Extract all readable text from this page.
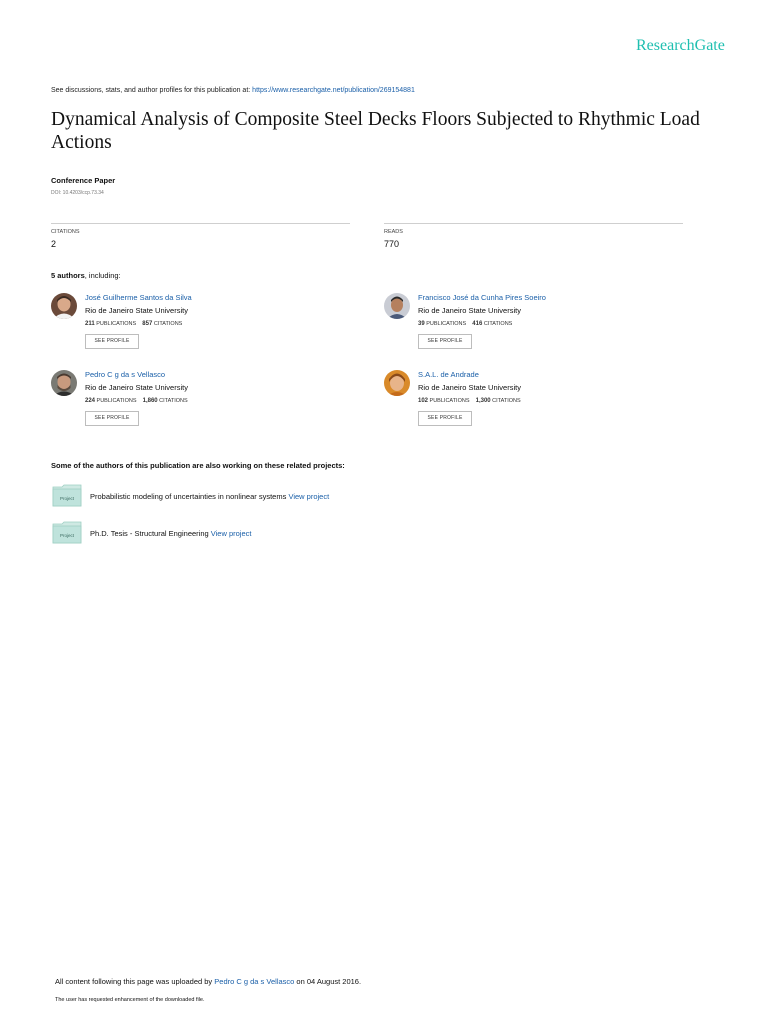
ResearchGate
See discussions, stats, and author profiles for this publication at: https://www.researchgate.net/publication/269154881
Dynamical Analysis of Composite Steel Decks Floors Subjected to Rhythmic Load Actions
Conference Paper
DOI: 10.4203/ccp.73.34
CITATIONS
2
READS
770
5 authors, including:
José Guilherme Santos da Silva
Rio de Janeiro State University
211 PUBLICATIONS 857 CITATIONS
SEE PROFILE
Francisco José da Cunha Pires Soeiro
Rio de Janeiro State University
39 PUBLICATIONS 416 CITATIONS
SEE PROFILE
Pedro C g da s Vellasco
Rio de Janeiro State University
224 PUBLICATIONS 1,860 CITATIONS
SEE PROFILE
S.A.L. de Andrade
Rio de Janeiro State University
102 PUBLICATIONS 1,300 CITATIONS
SEE PROFILE
Some of the authors of this publication are also working on these related projects:
Project Probabilistic modeling of uncertainties in nonlinear systems View project
Project Ph.D. Tesis - Structural Engineering View project
All content following this page was uploaded by Pedro C g da s Vellasco on 04 August 2016.
The user has requested enhancement of the downloaded file.
